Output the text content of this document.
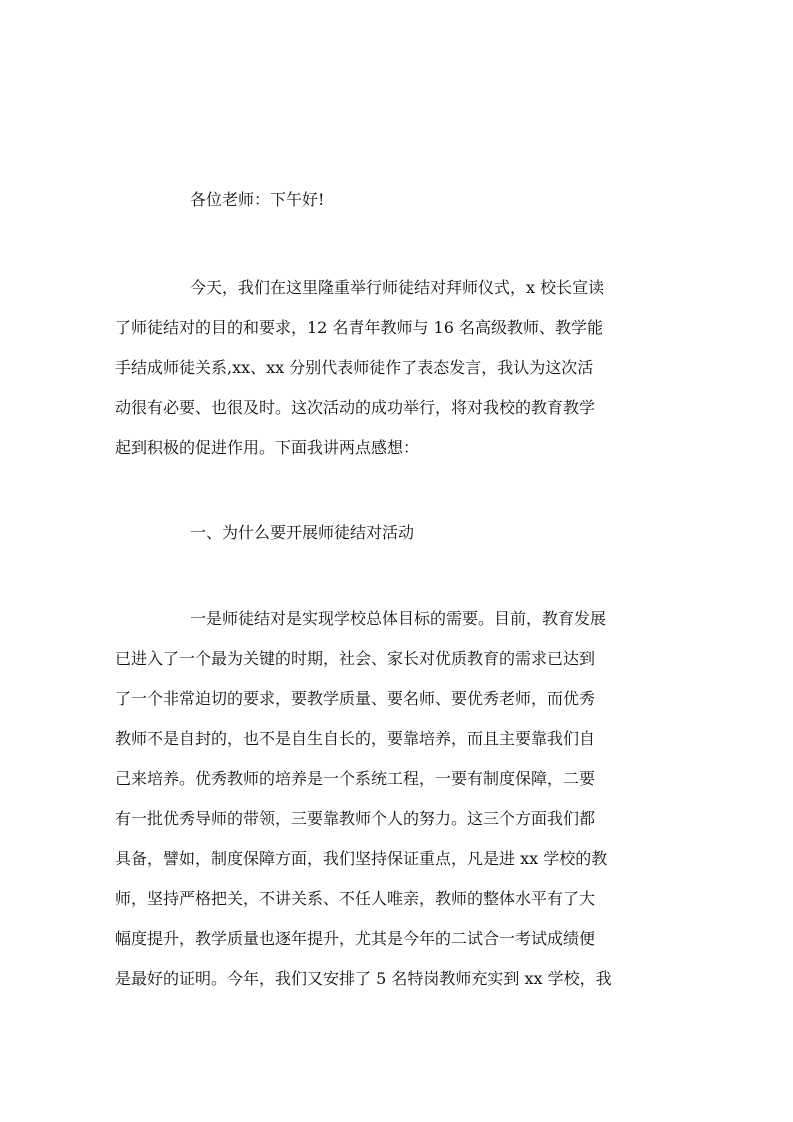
各位老师：下午好!
今天，我们在这里隆重举行师徒结对拜师仪式，x 校长宣读
了师徒结对的目的和要求，12 名青年教师与 16 名高级教师、教学能
手结成师徒关系,xx、xx 分别代表师徒作了表态发言，我认为这次活
动很有必要、也很及时。这次活动的成功举行，将对我校的教育教学
起到积极的促进作用。下面我讲两点感想：
一、为什么要开展师徒结对活动
一是师徒结对是实现学校总体目标的需要。目前，教育发展
已进入了一个最为关键的时期，社会、家长对优质教育的需求已达到
了一个非常迫切的要求，要教学质量、要名师、要优秀老师，而优秀
教师不是自封的，也不是自生自长的，要靠培养，而且主要靠我们自
己来培养。优秀教师的培养是一个系统工程，一要有制度保障，二要
有一批优秀导师的带领，三要靠教师个人的努力。这三个方面我们都
具备，譬如，制度保障方面，我们坚持保证重点，凡是进 xx 学校的教
师，坚持严格把关，不讲关系、不任人唯亲，教师的整体水平有了大
幅度提升，教学质量也逐年提升，尤其是今年的二试合一考试成绩便
是最好的证明。今年，我们又安排了 5 名特岗教师充实到 xx 学校，我
